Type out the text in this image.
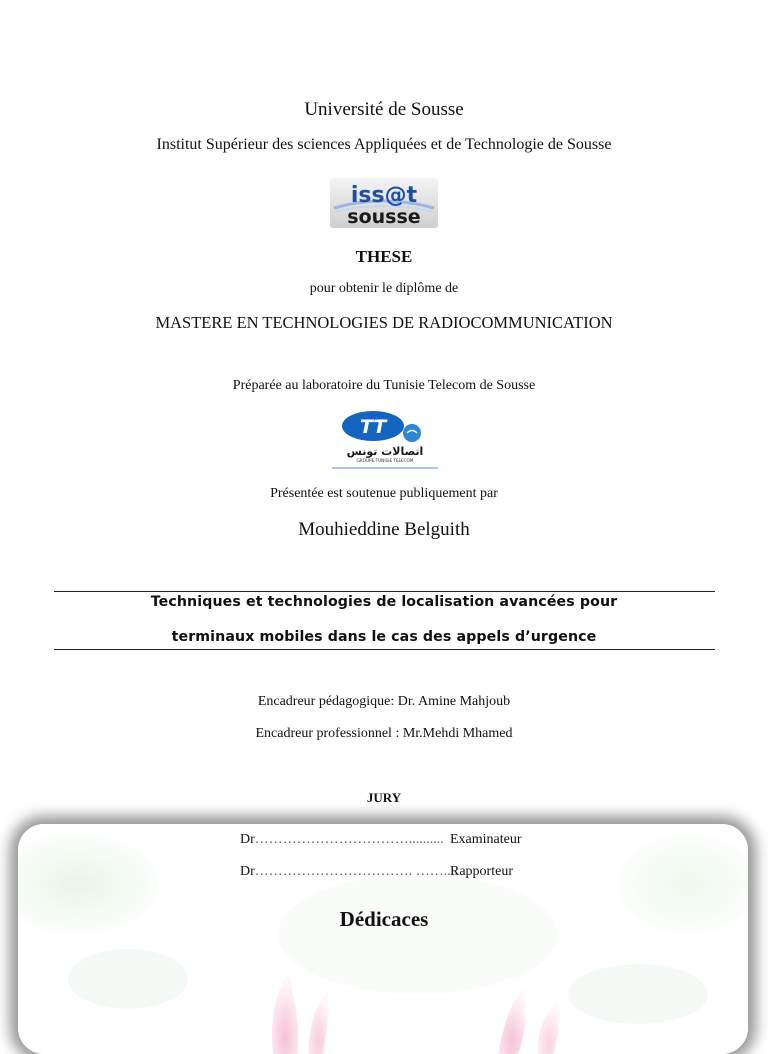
Université de Sousse
Institut Supérieur des sciences Appliquées et de Technologie de Sousse
iss@t
sousse
THESE
pour obtenir le diplôme de
MASTERE EN TECHNOLOGIES DE RADIOCOMMUNICATION
Préparée au laboratoire du Tunisie Telecom de Sousse
TT
اتصالات تونس
GROUPE TUNISIE TELECOM
Présentée est soutenue publiquement par
Mouhieddine Belguith
Techniques et technologies de localisation avancées pour
terminaux mobiles dans le cas des appels d’urgence
Encadreur pédagogique: Dr. Amine Mahjoub
Encadreur professionnel : Mr.Mehdi Mhamed
JURY
Dr…………………………….......... Examinateur
Dr……………………………. ……....
Rapporteur
Dédicaces
